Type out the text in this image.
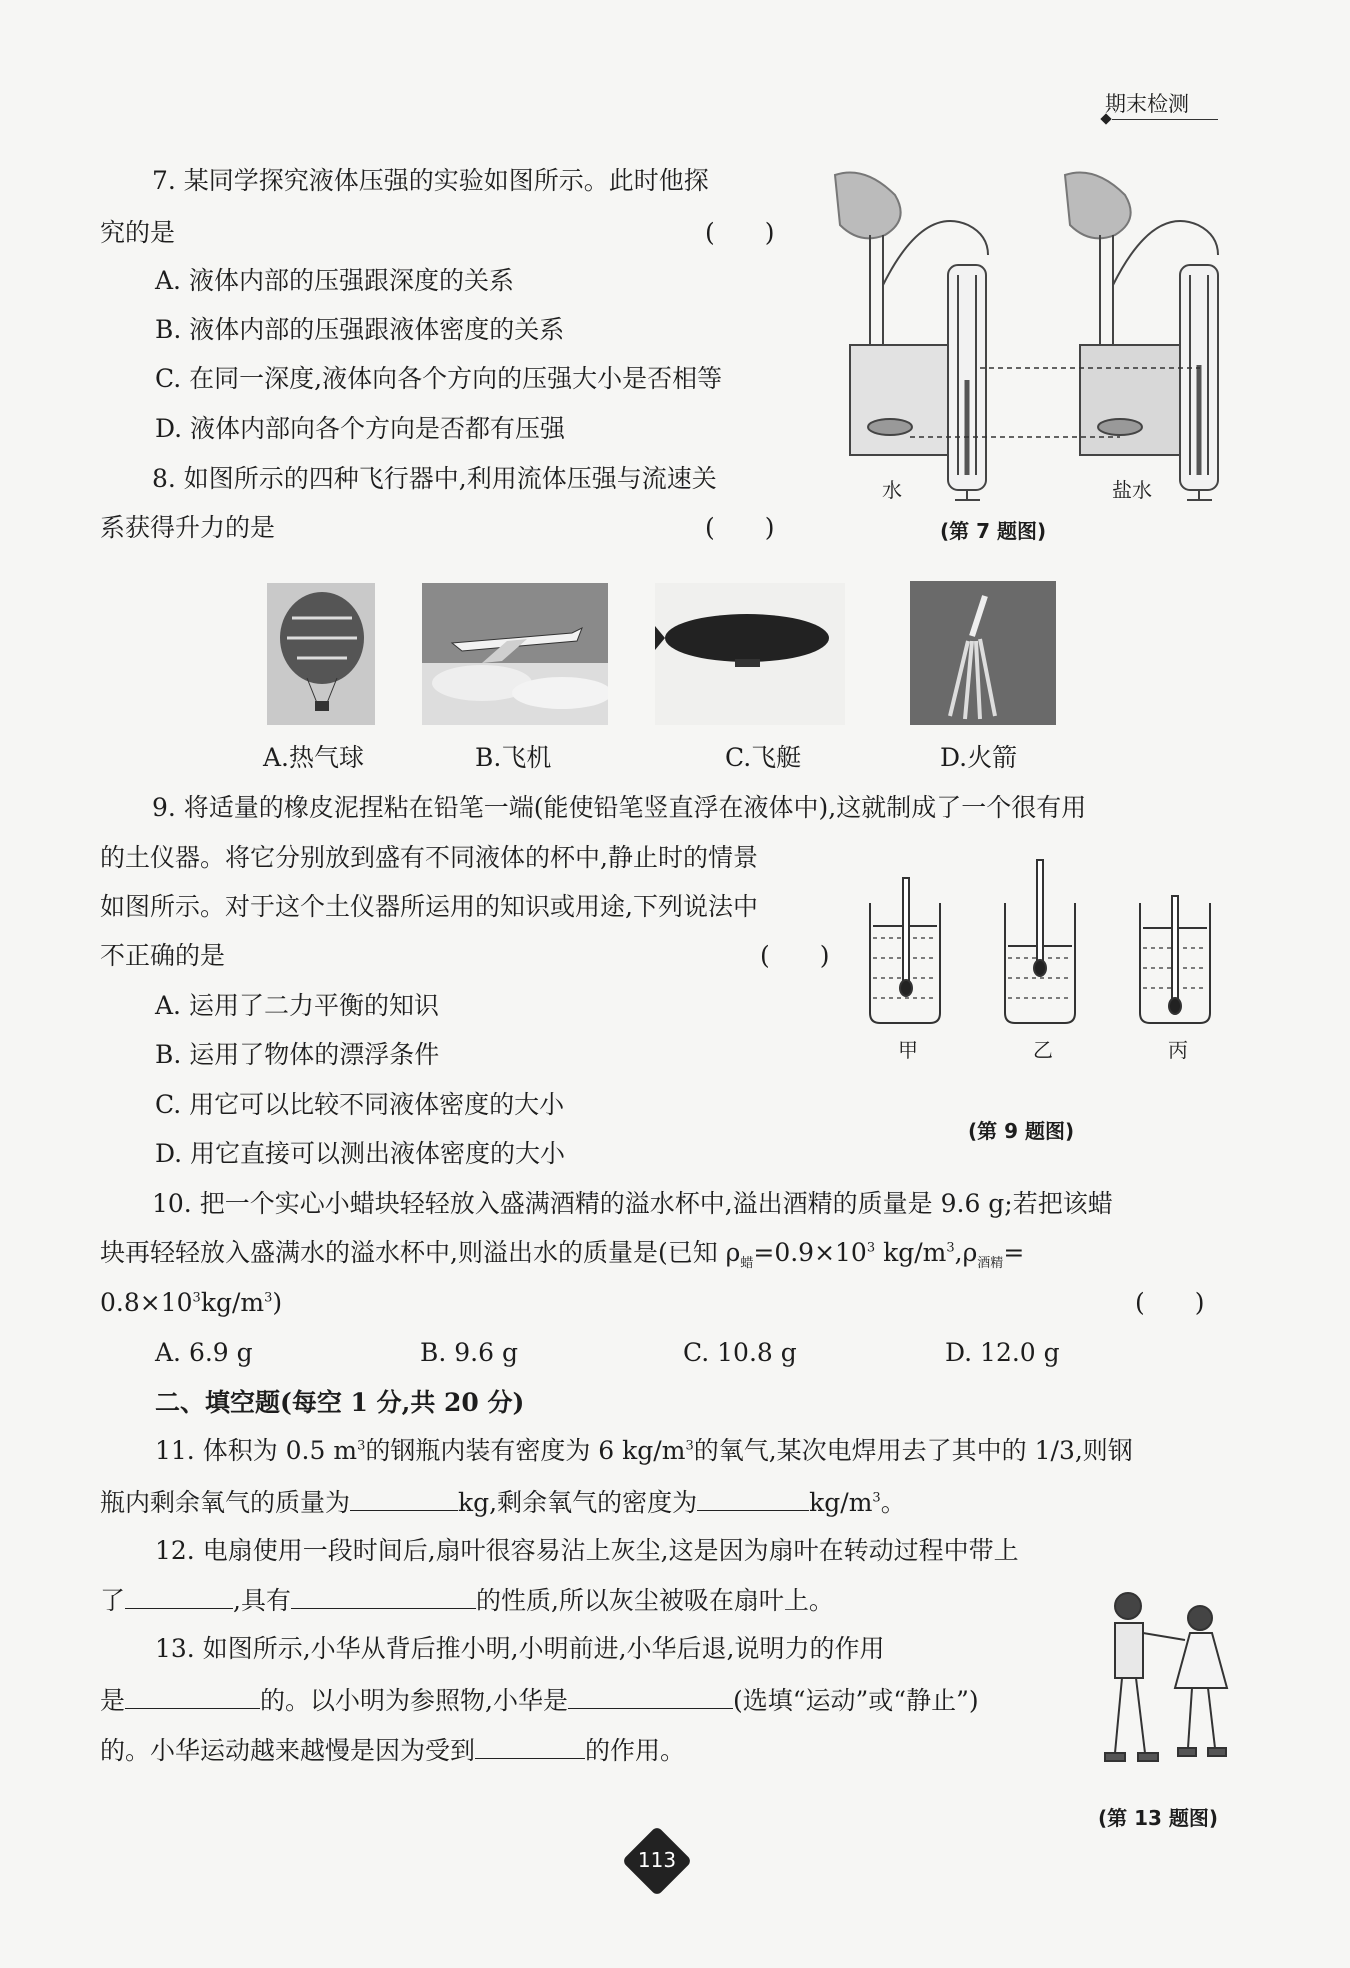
期末检测
7. 某同学探究液体压强的实验如图所示。此时他探
究的是	(　　)
A. 液体内部的压强跟深度的关系
B. 液体内部的压强跟液体密度的关系
C. 在同一深度,液体向各个方向的压强大小是否相等
D. 液体内部向各个方向是否都有压强
水	盐水
(第 7 题图)
8. 如图所示的四种飞行器中,利用流体压强与流速关
系获得升力的是	(　　)
A.热气球	B.飞机	C.飞艇	D.火箭
9. 将适量的橡皮泥捏粘在铅笔一端(能使铅笔竖直浮在液体中),这就制成了一个很有用
的土仪器。将它分别放到盛有不同液体的杯中,静止时的情景
如图所示。对于这个土仪器所运用的知识或用途,下列说法中
不正确的是	(　　)
A. 运用了二力平衡的知识
B. 运用了物体的漂浮条件
C. 用它可以比较不同液体密度的大小
D. 用它直接可以测出液体密度的大小
甲	乙	丙
(第 9 题图)
10. 把一个实心小蜡块轻轻放入盛满酒精的溢水杯中,溢出酒精的质量是 9.6 g;若把该蜡
块再轻轻放入盛满水的溢水杯中,则溢出水的质量是(已知 $\rho_蜡=0.9\times 10^3$ $kg/m^3,\rho_{酒精}=$
$0.8\times 10^3kg/m^3$)	(　　)
A. 6.9 g	B. 9.6 g	C. 10.8 g	D. 12.0 g
二、填空题(每空 1 分,共 20 分)
11. 体积为 0.5 $m^3$的钢瓶内装有密度为 6 $kg/m^3$的氧气,某次电焊用去了其中的 1/3,则钢
瓶内剩余氧气的质量为	kg,剩余氧气的密度为	$kg/m^3$。
12. 电扇使用一段时间后,扇叶很容易沾上灰尘,这是因为扇叶在转动过程中带上
了	,具有	的性质,所以灰尘被吸在扇叶上。
13. 如图所示,小华从背后推小明,小明前进,小华后退,说明力的作用
是	的。以小明为参照物,小华是	(选填“运动”或“静止”)
的。小华运动越来越慢是因为受到	的作用。
(第 13 题图)
113
